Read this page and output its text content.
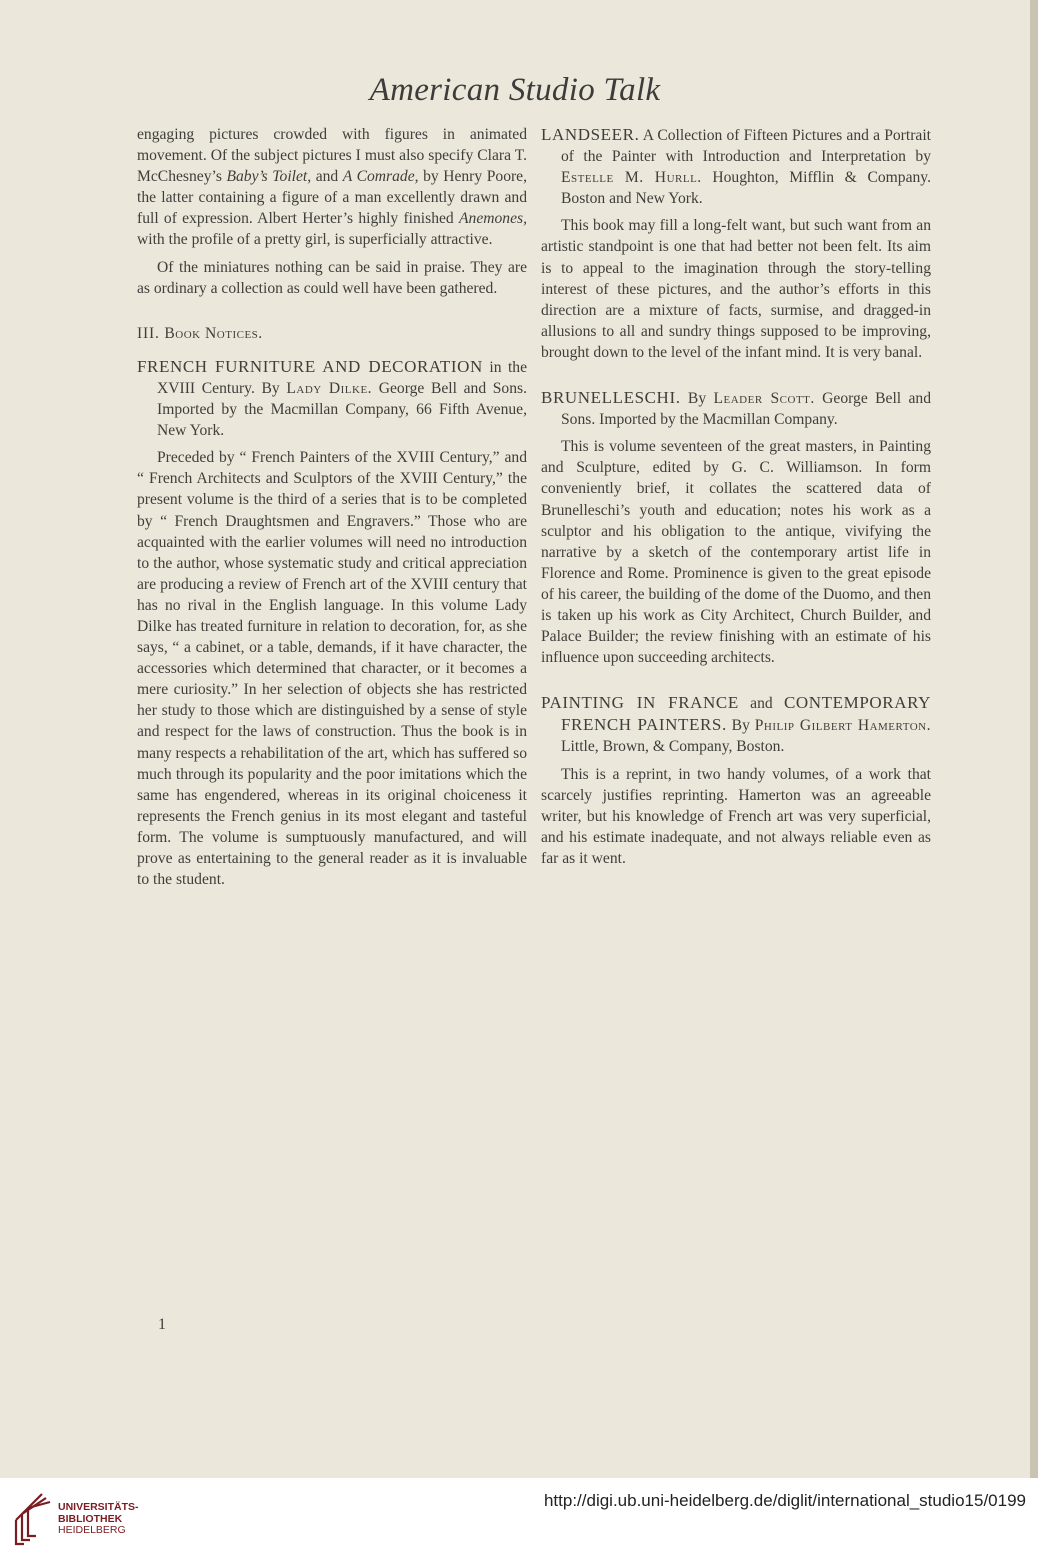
American Studio Talk

engaging pictures crowded with figures in animated movement. Of the subject pictures I must also specify Clara T. McChesney’s Baby’s Toilet, and A Comrade, by Henry Poore, the latter containing a figure of a man excellently drawn and full of expression. Albert Herter’s highly finished Anemones, with the profile of a pretty girl, is superficially attractive.

Of the miniatures nothing can be said in praise. They are as ordinary a collection as could well have been gathered.

III. Book Notices.

FRENCH FURNITURE AND DECORATION in the XVIII Century. By Lady Dilke. George Bell and Sons. Imported by the Macmillan Company, 66 Fifth Avenue, New York.

Preceded by “ French Painters of the XVIII Century,” and “ French Architects and Sculptors of the XVIII Century,” the present volume is the third of a series that is to be completed by “ French Draughtsmen and Engravers.” Those who are acquainted with the earlier volumes will need no introduction to the author, whose systematic study and critical appreciation are producing a review of French art of the XVIII century that has no rival in the English language. In this volume Lady Dilke has treated furniture in relation to decoration, for, as she says, “ a cabinet, or a table, demands, if it have character, the accessories which determined that character, or it becomes a mere curiosity.” In her selection of objects she has restricted her study to those which are distinguished by a sense of style and respect for the laws of construction. Thus the book is in many respects a rehabilitation of the art, which has suffered so much through its popularity and the poor imitations which the same has engendered, whereas in its original choiceness it represents the French genius in its most elegant and tasteful form. The volume is sumptuously manufactured, and will prove as entertaining to the general reader as it is invaluable to the student.

LANDSEER. A Collection of Fifteen Pictures and a Portrait of the Painter with Introduction and Interpretation by Estelle M. Hurll. Houghton, Mifflin & Company. Boston and New York.

This book may fill a long-felt want, but such want from an artistic standpoint is one that had better not been felt. Its aim is to appeal to the imagination through the story-telling interest of these pictures, and the author’s efforts in this direction are a mixture of facts, surmise, and dragged-in allusions to all and sundry things supposed to be improving, brought down to the level of the infant mind. It is very banal.

BRUNELLESCHI. By Leader Scott. George Bell and Sons. Imported by the Macmillan Company.

This is volume seventeen of the great masters, in Painting and Sculpture, edited by G. C. Williamson. In form conveniently brief, it collates the scattered data of Brunelleschi’s youth and education; notes his work as a sculptor and his obligation to the antique, vivifying the narrative by a sketch of the contemporary artist life in Florence and Rome. Prominence is given to the great episode of his career, the building of the dome of the Duomo, and then is taken up his work as City Architect, Church Builder, and Palace Builder; the review finishing with an estimate of his influence upon succeeding architects.

PAINTING IN FRANCE and CONTEMPORARY FRENCH PAINTERS. By Philip Gilbert Hamerton. Little, Brown, & Company, Boston.

This is a reprint, in two handy volumes, of a work that scarcely justifies reprinting. Hamerton was an agreeable writer, but his knowledge of French art was very superficial, and his estimate inadequate, and not always reliable even as far as it went.

1
UNIVERSITÄTS-
BIBLIOTHEK
HEIDELBERG
http://digi.ub.uni-heidelberg.de/diglit/international_studio15/0199
